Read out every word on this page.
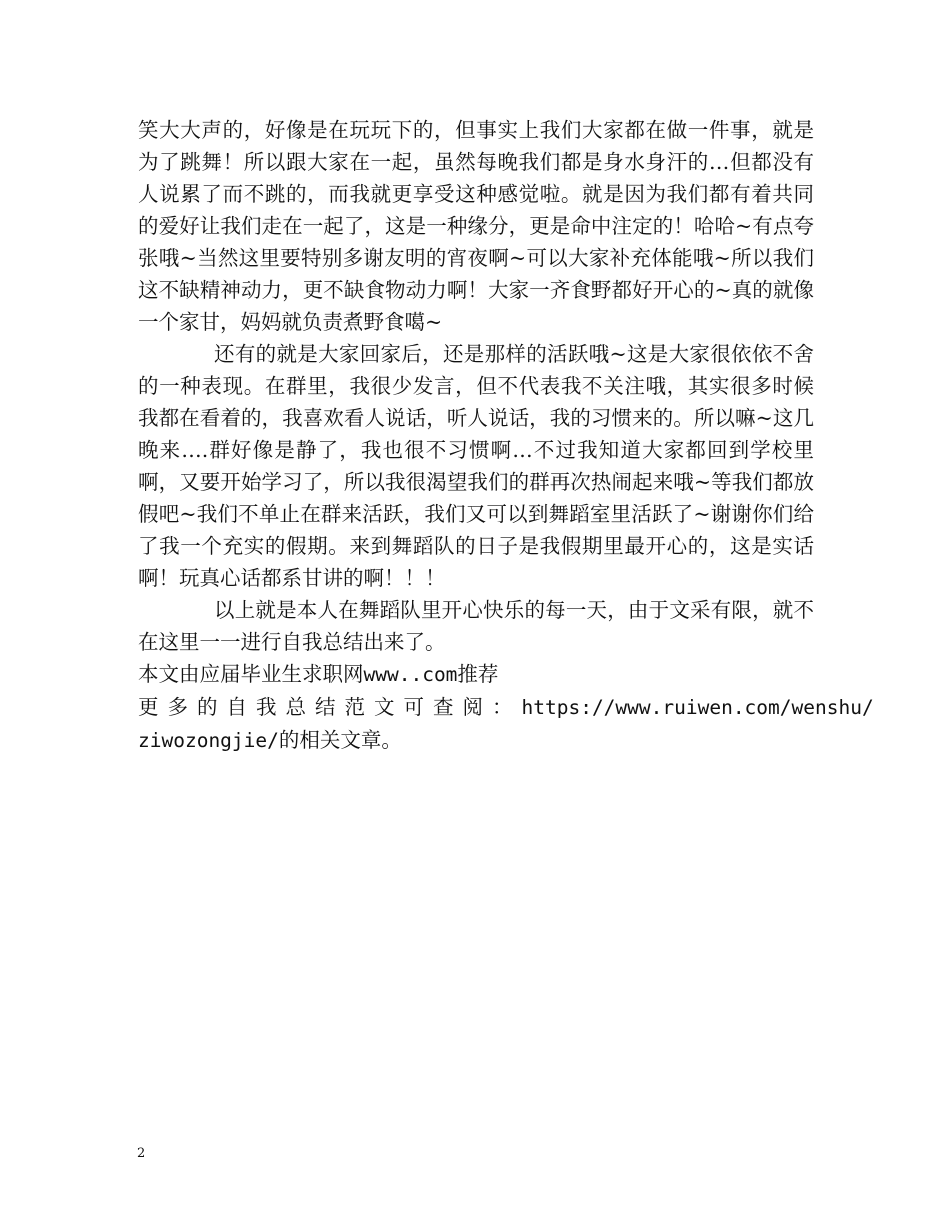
笑大大声的，好像是在玩玩下的，但事实上我们大家都在做一件事，就是为了跳舞！所以跟大家在一起，虽然每晚我们都是身水身汗的…但都没有人说累了而不跳的，而我就更享受这种感觉啦。就是因为我们都有着共同的爱好让我们走在一起了，这是一种缘分，更是命中注定的！哈哈~有点夸张哦~当然这里要特别多谢友明的宵夜啊~可以大家补充体能哦~所以我们这不缺精神动力，更不缺食物动力啊！大家一齐食野都好开心的~真的就像一个家甘，妈妈就负责煮野食噶~

还有的就是大家回家后，还是那样的活跃哦~这是大家很依依不舍的一种表现。在群里，我很少发言，但不代表我不关注哦，其实很多时候我都在看着的，我喜欢看人说话，听人说话，我的习惯来的。所以嘛~这几晚来….群好像是静了，我也很不习惯啊…不过我知道大家都回到学校里啊，又要开始学习了，所以我很渴望我们的群再次热闹起来哦~等我们都放假吧~我们不单止在群来活跃，我们又可以到舞蹈室里活跃了~谢谢你们给了我一个充实的假期。来到舞蹈队的日子是我假期里最开心的，这是实话啊！玩真心话都系甘讲的啊！！！

以上就是本人在舞蹈队里开心快乐的每一天，由于文采有限，就不在这里一一进行自我总结出来了。

本文由应届毕业生求职网www..com推荐
更多的自我总结范文可查阅：https://www.ruiwen.com/wenshu/
ziwozongjie/的相关文章。
2
